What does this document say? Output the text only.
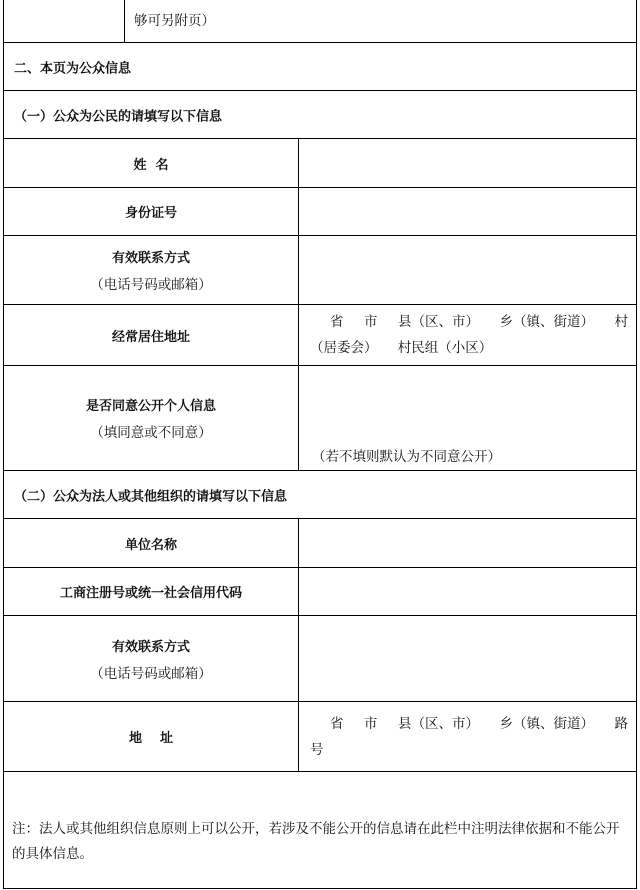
够可另附页）
二、本页为公众信息
（一）公众为公民的请填写以下信息
姓  名
身份证号
有效联系方式
（电话号码或邮箱）
经常居住地址
省 市 县（区、市） 乡（镇、街道） 村
（居委会） 村民组（小区）
是否同意公开个人信息
（填同意或不同意）
（若不填则默认为不同意公开）
（二）公众为法人或其他组织的请填写以下信息
单位名称
工商注册号或统一社会信用代码
有效联系方式
（电话号码或邮箱）
地    址
省 市 县（区、市） 乡（镇、街道） 路
号
注：法人或其他组织信息原则上可以公开，若涉及不能公开的信息请在此栏中注明法律依据和不能公开的具体信息。
